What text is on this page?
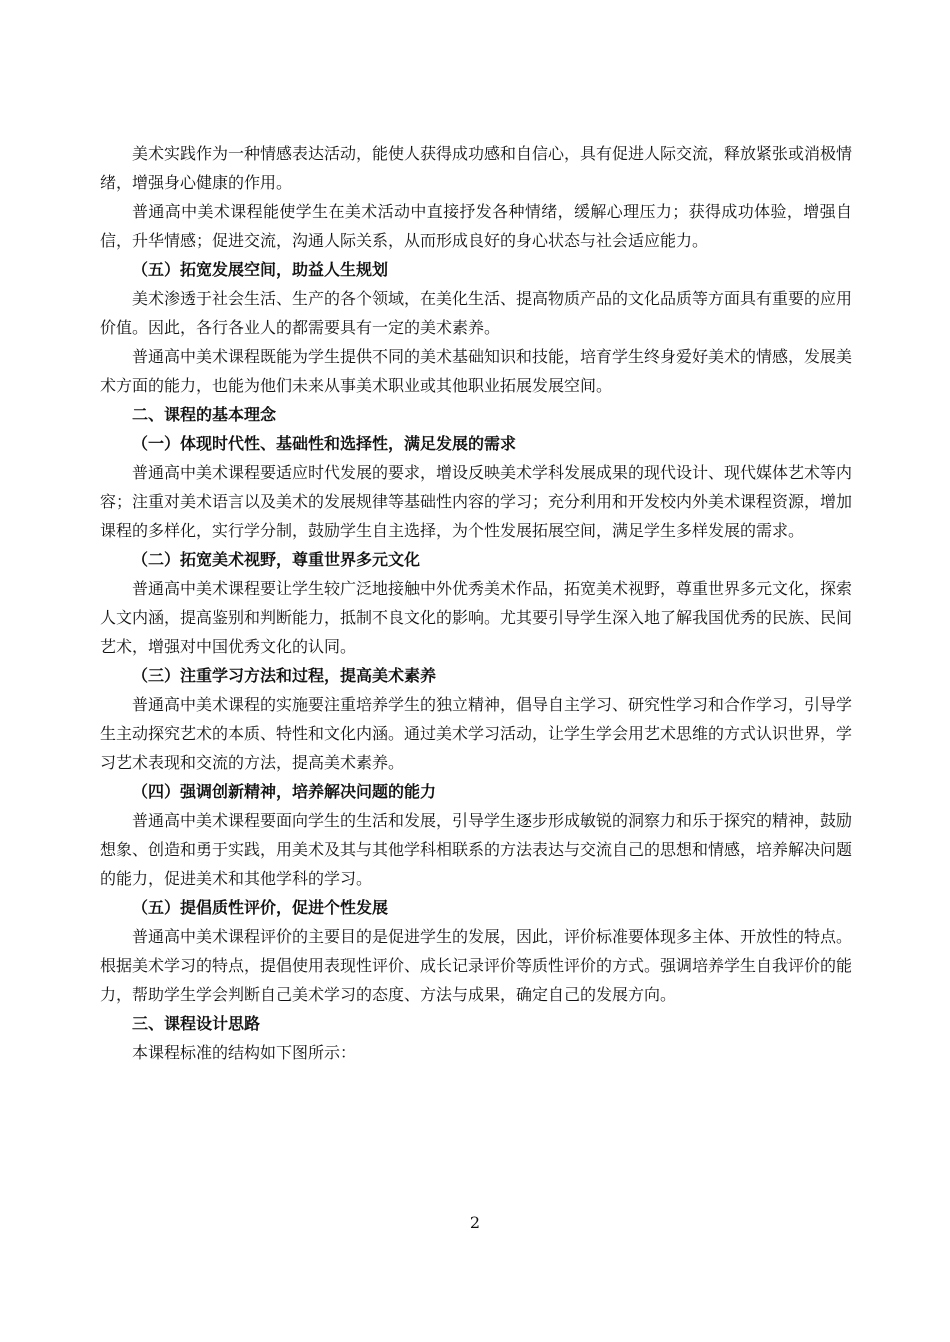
美术实践作为一种情感表达活动，能使人获得成功感和自信心，具有促进人际交流，释放紧张或消极情绪，增强身心健康的作用。

普通高中美术课程能使学生在美术活动中直接抒发各种情绪，缓解心理压力；获得成功体验，增强自信，升华情感；促进交流，沟通人际关系，从而形成良好的身心状态与社会适应能力。

（五）拓宽发展空间，助益人生规划

美术渗透于社会生活、生产的各个领域，在美化生活、提高物质产品的文化品质等方面具有重要的应用价值。因此，各行各业人的都需要具有一定的美术素养。

普通高中美术课程既能为学生提供不同的美术基础知识和技能，培育学生终身爱好美术的情感，发展美术方面的能力，也能为他们未来从事美术职业或其他职业拓展发展空间。

二、课程的基本理念

（一）体现时代性、基础性和选择性，满足发展的需求

普通高中美术课程要适应时代发展的要求，增设反映美术学科发展成果的现代设计、现代媒体艺术等内容；注重对美术语言以及美术的发展规律等基础性内容的学习；充分利用和开发校内外美术课程资源，增加课程的多样化，实行学分制，鼓励学生自主选择，为个性发展拓展空间，满足学生多样发展的需求。

（二）拓宽美术视野，尊重世界多元文化

普通高中美术课程要让学生较广泛地接触中外优秀美术作品，拓宽美术视野，尊重世界多元文化，探索人文内涵，提高鉴别和判断能力，抵制不良文化的影响。尤其要引导学生深入地了解我国优秀的民族、民间艺术，增强对中国优秀文化的认同。

（三）注重学习方法和过程，提高美术素养

普通高中美术课程的实施要注重培养学生的独立精神，倡导自主学习、研究性学习和合作学习，引导学生主动探究艺术的本质、特性和文化内涵。通过美术学习活动，让学生学会用艺术思维的方式认识世界，学习艺术表现和交流的方法，提高美术素养。

（四）强调创新精神，培养解决问题的能力

普通高中美术课程要面向学生的生活和发展，引导学生逐步形成敏锐的洞察力和乐于探究的精神，鼓励想象、创造和勇于实践，用美术及其与其他学科相联系的方法表达与交流自己的思想和情感，培养解决问题的能力，促进美术和其他学科的学习。

（五）提倡质性评价，促进个性发展

普通高中美术课程评价的主要目的是促进学生的发展，因此，评价标准要体现多主体、开放性的特点。根据美术学习的特点，提倡使用表现性评价、成长记录评价等质性评价的方式。强调培养学生自我评价的能力，帮助学生学会判断自己美术学习的态度、方法与成果，确定自己的发展方向。

三、课程设计思路

本课程标准的结构如下图所示：

2
